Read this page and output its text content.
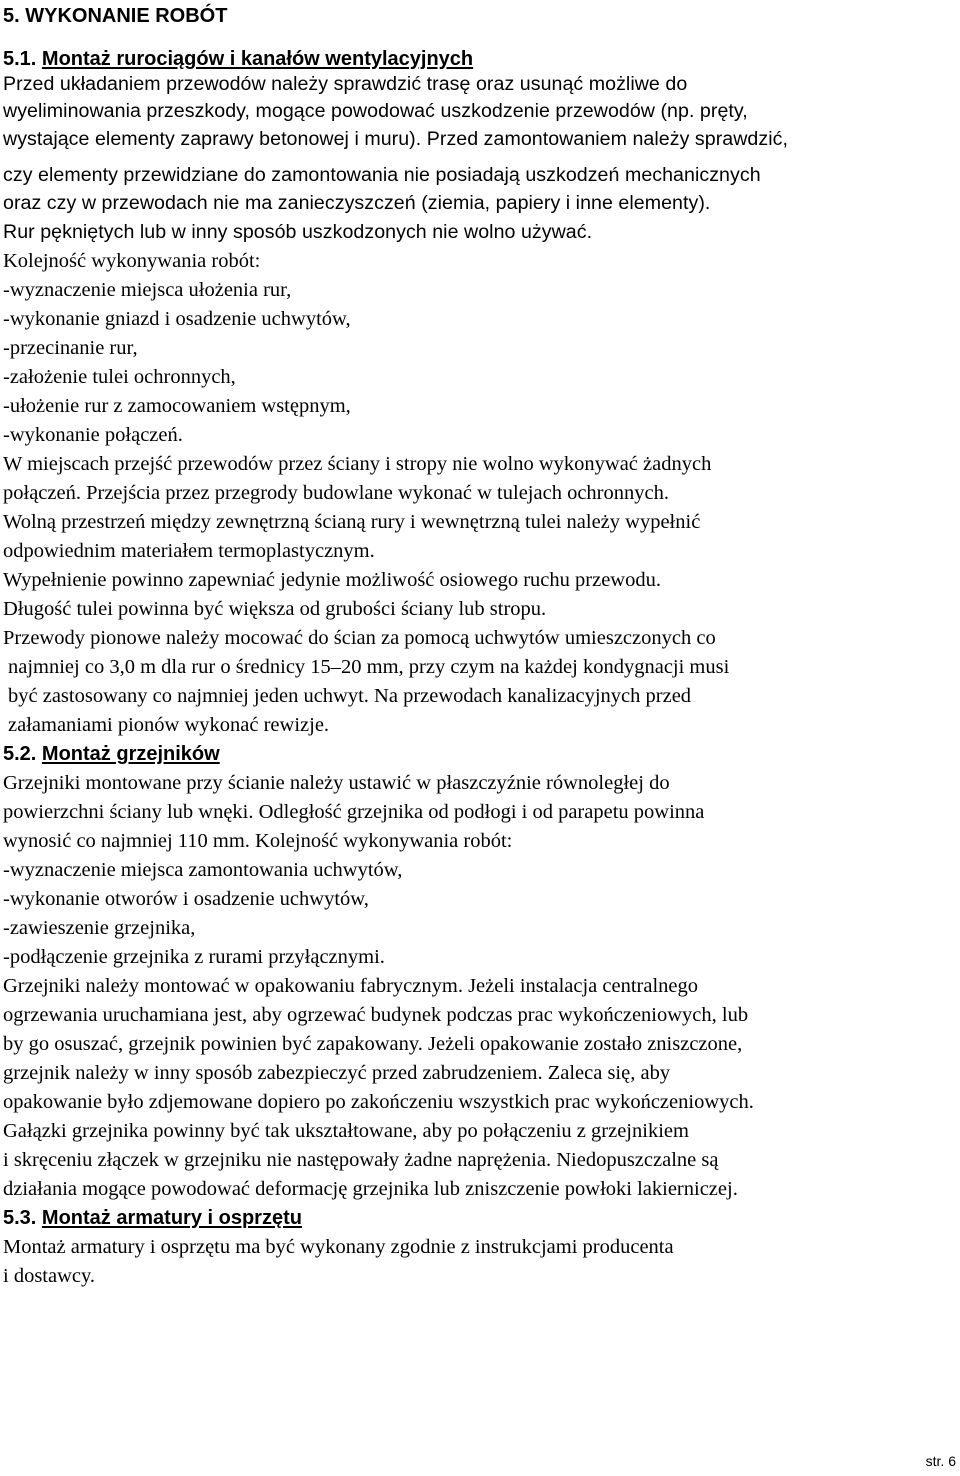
5. WYKONANIE ROBÓT
5.1. Montaż rurociągów i kanałów wentylacyjnych
Przed układaniem przewodów należy sprawdzić trasę oraz usunąć możliwe do
wyeliminowania przeszkody, mogące powodować uszkodzenie przewodów (np. pręty,
wystające elementy zaprawy betonowej i muru). Przed zamontowaniem należy sprawdzić,
czy elementy przewidziane do zamontowania nie posiadają uszkodzeń mechanicznych
oraz czy w przewodach nie ma zanieczyszczeń (ziemia, papiery i inne elementy).
Rur pękniętych lub w inny sposób uszkodzonych nie wolno używać.
Kolejność wykonywania robót:
-wyznaczenie miejsca ułożenia rur,
-wykonanie gniazd i osadzenie uchwytów,
-przecinanie rur,
-założenie tulei ochronnych,
-ułożenie rur z zamocowaniem wstępnym,
-wykonanie połączeń.
W miejscach przejść przewodów przez ściany i stropy nie wolno wykonywać żadnych
połączeń. Przejścia przez przegrody budowlane wykonać w tulejach ochronnych.
Wolną przestrzeń między zewnętrzną ścianą rury i wewnętrzną tulei należy wypełnić
odpowiednim materiałem termoplastycznym.
Wypełnienie powinno zapewniać jedynie możliwość osiowego ruchu przewodu.
Długość tulei powinna być większa od grubości ściany lub stropu.
Przewody pionowe należy mocować do ścian za pomocą uchwytów umieszczonych co
najmniej co 3,0 m dla rur o średnicy 15–20 mm, przy czym na każdej kondygnacji musi
być zastosowany co najmniej jeden uchwyt. Na przewodach kanalizacyjnych przed
załamaniami pionów wykonać rewizje.
5.2. Montaż grzejników
Grzejniki montowane przy ścianie należy ustawić w płaszczyźnie równoległej do
powierzchni ściany lub wnęki. Odległość grzejnika od podłogi i od parapetu powinna
wynosić co najmniej 110 mm. Kolejność wykonywania robót:
-wyznaczenie miejsca zamontowania uchwytów,
-wykonanie otworów i osadzenie uchwytów,
-zawieszenie grzejnika,
-podłączenie grzejnika z rurami przyłącznymi.
Grzejniki należy montować w opakowaniu fabrycznym. Jeżeli instalacja centralnego
ogrzewania uruchamiana jest, aby ogrzewać budynek podczas prac wykończeniowych, lub
by go osuszać, grzejnik powinien być zapakowany. Jeżeli opakowanie zostało zniszczone,
grzejnik należy w inny sposób zabezpieczyć przed zabrudzeniem. Zaleca się, aby
opakowanie było zdjemowane dopiero po zakończeniu wszystkich prac wykończeniowych.
Gałązki grzejnika powinny być tak ukształtowane, aby po połączeniu z grzejnikiem
i skręceniu złączek w grzejniku nie następowały żadne naprężenia. Niedopuszczalne są
działania mogące powodować deformację grzejnika lub zniszczenie powłoki lakierniczej.
5.3. Montaż armatury i osprzętu
Montaż armatury i osprzętu ma być wykonany zgodnie z instrukcjami producenta
i dostawcy.
str. 6
